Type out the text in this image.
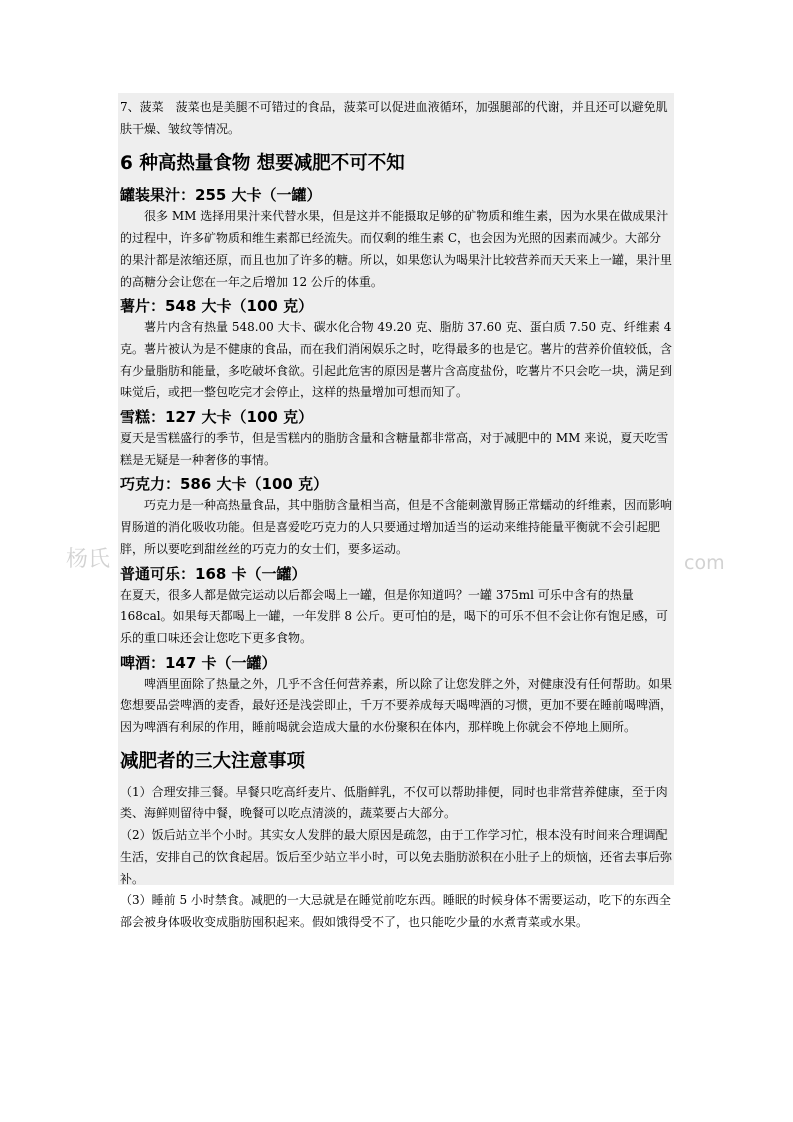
杨氏	com

7、菠菜　菠菜也是美腿不可错过的食品，菠菜可以促进血液循环，加强腿部的代谢，并且还可以避免肌肤干燥、皱纹等情况。

6 种高热量食物 想要减肥不可不知
罐装果汁：255 大卡（一罐）

很多 MM 选择用果汁来代替水果，但是这并不能摄取足够的矿物质和维生素，因为水果在做成果汁的过程中，许多矿物质和维生素都已经流失。而仅剩的维生素 C，也会因为光照的因素而减少。大部分的果汁都是浓缩还原，而且也加了许多的糖。所以，如果您认为喝果汁比较营养而天天来上一罐，果汁里的高糖分会让您在一年之后增加 12 公斤的体重。

薯片：548 大卡（100 克）

薯片内含有热量 548.00 大卡、碳水化合物 49.20 克、脂肪 37.60 克、蛋白质 7.50 克、纤维素 4 克。薯片被认为是不健康的食品，而在我们消闲娱乐之时，吃得最多的也是它。薯片的营养价值较低，含有少量脂肪和能量，多吃破坏食欲。引起此危害的原因是薯片含高度盐份，吃薯片不只会吃一块，满足到味觉后，或把一整包吃完才会停止，这样的热量增加可想而知了。

雪糕：127 大卡（100 克）

夏天是雪糕盛行的季节，但是雪糕内的脂肪含量和含糖量都非常高，对于减肥中的 MM 来说，夏天吃雪糕是无疑是一种奢侈的事情。

巧克力：586 大卡（100 克）

巧克力是一种高热量食品，其中脂肪含量相当高，但是不含能刺激胃肠正常蠕动的纤维素，因而影响胃肠道的消化吸收功能。但是喜爱吃巧克力的人只要通过增加适当的运动来维持能量平衡就不会引起肥胖，所以要吃到甜丝丝的巧克力的女士们，要多运动。

普通可乐：168 卡（一罐）

在夏天，很多人都是做完运动以后都会喝上一罐，但是你知道吗？一罐 375ml 可乐中含有的热量 168cal。如果每天都喝上一罐，一年发胖 8 公斤。更可怕的是，喝下的可乐不但不会让你有饱足感，可乐的重口味还会让您吃下更多食物。

啤酒：147 卡（一罐）

啤酒里面除了热量之外，几乎不含任何营养素，所以除了让您发胖之外，对健康没有任何帮助。如果您想要品尝啤酒的麦香，最好还是浅尝即止，千万不要养成每天喝啤酒的习惯，更加不要在睡前喝啤酒，因为啤酒有利尿的作用，睡前喝就会造成大量的水份聚积在体内，那样晚上你就会不停地上厕所。

减肥者的三大注意事项

（1）合理安排三餐。早餐只吃高纤麦片、低脂鲜乳，不仅可以帮助排便，同时也非常营养健康，至于肉类、海鲜则留待中餐，晚餐可以吃点清淡的，蔬菜要占大部分。

（2）饭后站立半个小时。其实女人发胖的最大原因是疏忽，由于工作学习忙，根本没有时间来合理调配生活，安排自己的饮食起居。饭后至少站立半小时，可以免去脂肪淤积在小肚子上的烦恼，还省去事后弥补。

（3）睡前 5 小时禁食。减肥的一大忌就是在睡觉前吃东西。睡眠的时候身体不需要运动，吃下的东西全部会被身体吸收变成脂肪囤积起来。假如饿得受不了，也只能吃少量的水煮青菜或水果。
